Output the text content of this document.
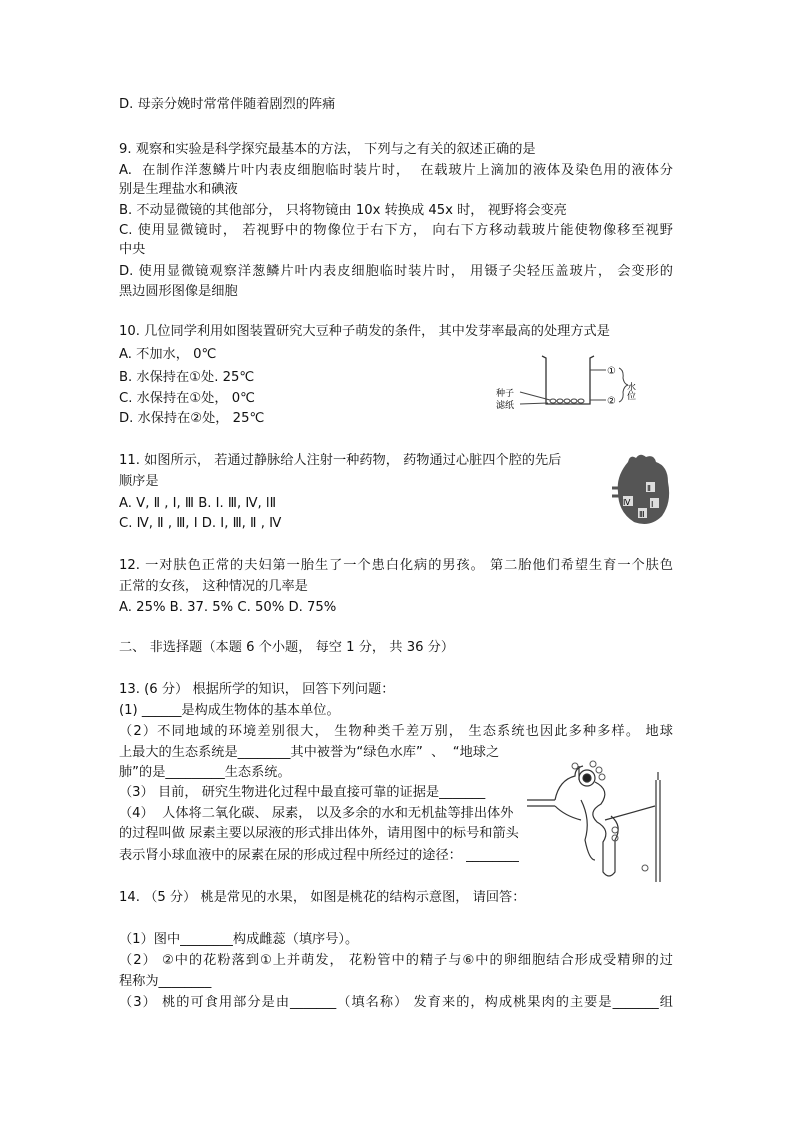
D. 母亲分娩时常常伴随着剧烈的阵痛
9. 观察和实验是科学探究最基本的方法， 下列与之有关的叙述正确的是
A.  在制作洋葱鳞片叶内表皮细胞临时装片时，  在载玻片上滴加的液体及染色用的液体分
别是生理盐水和碘液
B. 不动显微镜的其他部分， 只将物镜由 10x 转换成 45x 时， 视野将会变亮
C. 使用显微镜时， 若视野中的物像位于右下方， 向右下方移动载玻片能使物像移至视野
中央
D. 使用显微镜观察洋葱鳞片叶内表皮细胞临时装片时， 用镊子尖轻压盖玻片， 会变形的
黑边圆形图像是细胞
10. 几位同学利用如图装置研究大豆种子萌发的条件， 其中发芽率最高的处理方式是
A. 不加水， 0℃
B. 水保持在①处. 25℃
C. 水保持在①处， 0℃
D. 水保持在②处， 25℃
①
②
水位
种子
滤纸
11. 如图所示， 若通过静脉给人注射一种药物， 药物通过心脏四个腔的先后
顺序是
A. V, Ⅱ , I, Ⅲ B. I. Ⅲ, Ⅳ, lⅡ
C. Ⅳ, Ⅱ , Ⅲ, I D. I, Ⅲ, Ⅱ , Ⅳ
Ⅱ
Ⅳ	Ⅰ
Ⅲ
12. 一对肤色正常的夫妇第一胎生了一个患白化病的男孩。 第二胎他们希望生育一个肤色
正常的女孩， 这种情况的几率是
A. 25% B. 37. 5% C. 50% D. 75%
二、 非选择题（本题 6 个小题， 每空 1 分， 共 36 分）
13. (6 分） 根据所学的知识， 回答下列问题：
(1) ______是构成生物体的基本单位。
（2）不同地域的环境差别很大， 生物种类千差万别， 生态系统也因此多种多样。 地球
上最大的生态系统是________其中被誉为“绿色水库”  、  “地球之
肺”的是_________生态系统。
（3） 目前， 研究生物进化过程中最直接可靠的证据是_______
（4）  人体将二氧化碳、 尿素， 以及多余的水和无机盐等排出体外
的过程叫做 尿素主要以尿液的形式排出体外，请用图中的标号和箭头
表示肾小球血液中的尿素在尿的形成过程中所经过的途径： ________
14. （5 分） 桃是常见的水果， 如图是桃花的结构示意图， 请回答：
（1）图中________构成雌蕊（填序号）。
（2） ②中的花粉落到①上并萌发， 花粉管中的精子与⑥中的卵细胞结合形成受精卵的过
程称为________
（3） 桃的可食用部分是由_______（填名称） 发育来的，构成桃果肉的主要是_______组
